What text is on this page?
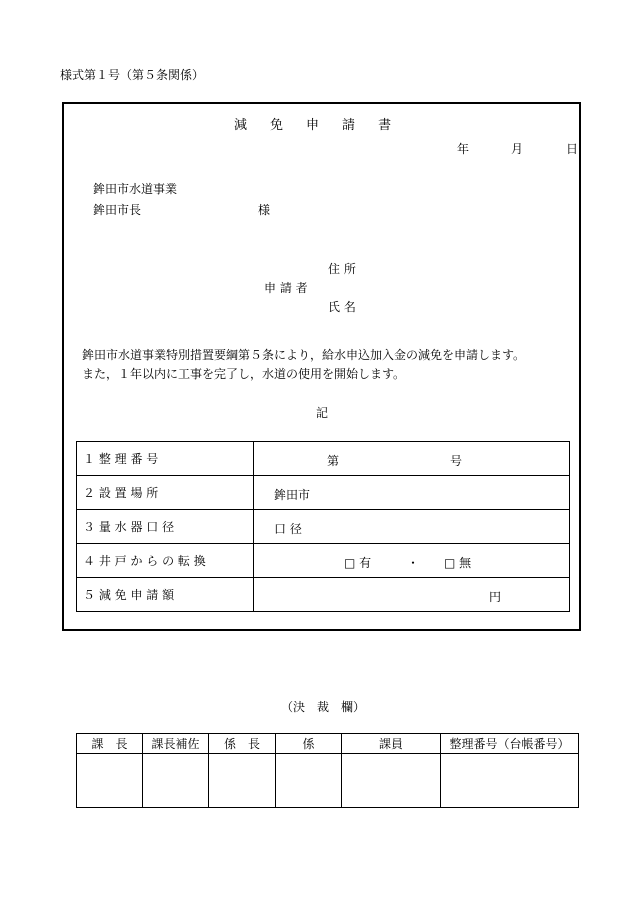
様式第１号（第５条関係）
減 免 申 請 書
年	月	日
鉾田市水道事業
鉾田市長	様
住 所
申 請 者
氏 名
鉾田市水道事業特別措置要綱第５条により，給水申込加入金の減免を申請します。
また，１年以内に工事を完了し，水道の使用を開始します。
記
１ 整 理 番 号	第 号

２ 設 置 場 所	鉾田市

３ 量 水 器 口 径	口 径

４ 井 戸 か ら の 転 換	□ 有 ・ □ 無

５ 減 免 申 請 額	円
（決　裁　欄）
課　長	課長補佐	係　長	係	課員	整理番号（台帳番号）
